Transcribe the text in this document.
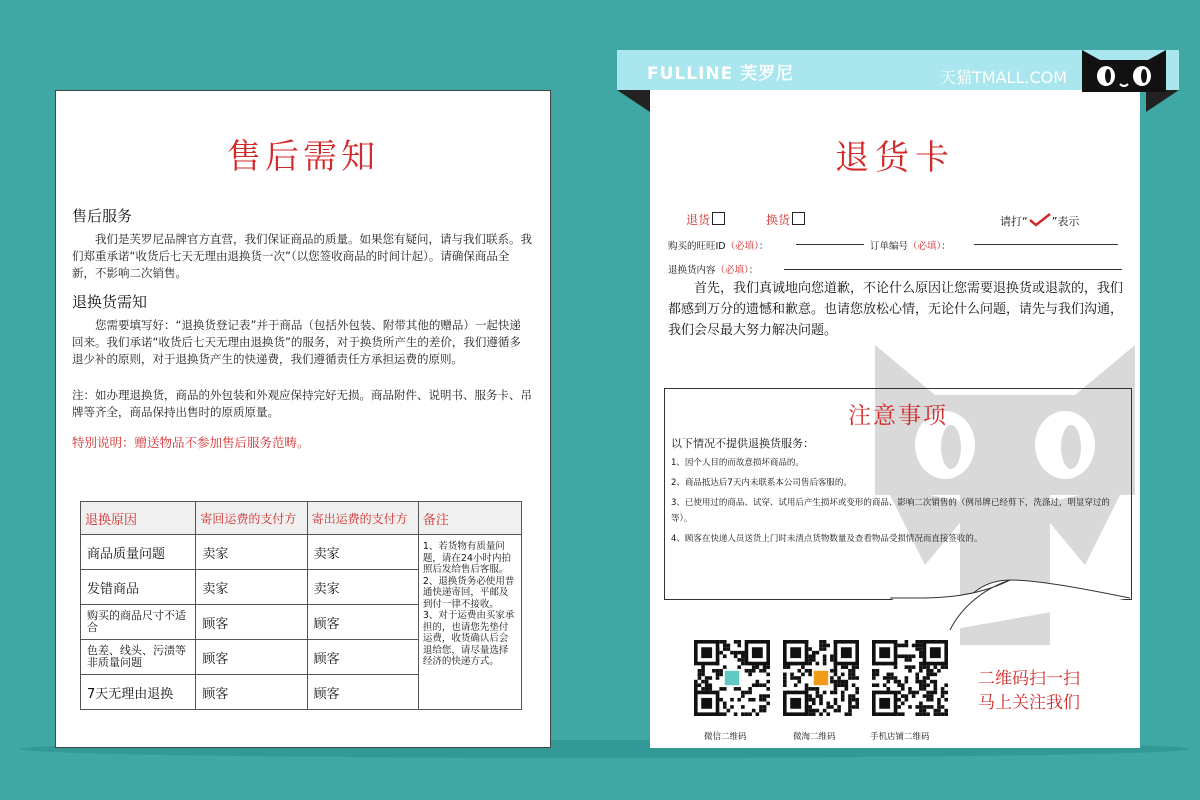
售后需知
售后服务
我们是芙罗尼品牌官方直营，我们保证商品的质量。如果您有疑问，请与我们联系。我们郑重承诺“收货后七天无理由退换货一次”（以您签收商品的时间计起）。请确保商品全新，不影响二次销售。
退换货需知
您需要填写好：“退换货登记表”并于商品（包括外包装、附带其他的赠品）一起快递回来。我们承诺“收货后七天无理由退换货”的服务，对于换货所产生的差价，我们遵循多退少补的原则，对于退换货产生的快递费，我们遵循责任方承担运费的原则。
注：如办理退换货，商品的外包装和外观应保持完好无损。商品附件、说明书、服务卡、吊牌等齐全，商品保持出售时的原质原量。
特别说明：赠送物品不参加售后服务范畴。
退换原因	寄回运费的支付方	寄出运费的支付方	备注
商品质量问题	卖家	卖家	1、若货物有质量问题，请在24小时内拍照后发给售后客服。
2、退换货务必使用普通快递寄回，平邮及到付一律不接收。
3、对于运费由买家承担的，也请您先垫付运费，收货确认后会退给您，请尽量选择经济的快递方式。
发错商品	卖家	卖家	
购买的商品尺寸不适合	顾客	顾客	
色差、线头、污渍等非质量问题	顾客	顾客	
7天无理由退换	顾客	顾客	
退货卡
退货	换货	请打“ ”表示
购买的旺旺ID（必填）：	订单编号（必填）：
退换货内容（必填）：
首先，我们真诚地向您道歉，不论什么原因让您需要退换货或退款的，我们都感到万分的遗憾和歉意。也请您放松心情，无论什么问题，请先与我们沟通，我们会尽最大努力解决问题。
注意事项
以下情况不提供退换货服务：
1、因个人目的而故意损坏商品的。
2、商品抵达后7天内未联系本公司售后客服的。
3、已使用过的商品、试穿、试用后产生损坏或变形的商品、影响二次销售的（例吊牌已经剪下，洗涤过，明显穿过的等）。
4、顾客在快递人员送货上门时未清点货物数量及查看物品受损情况而直接签收的。
微信二维码	微淘二维码	手机店铺二维码
二维码扫一扫
马上关注我们
FULLINE 芙罗尼	天猫TMALL.COM
